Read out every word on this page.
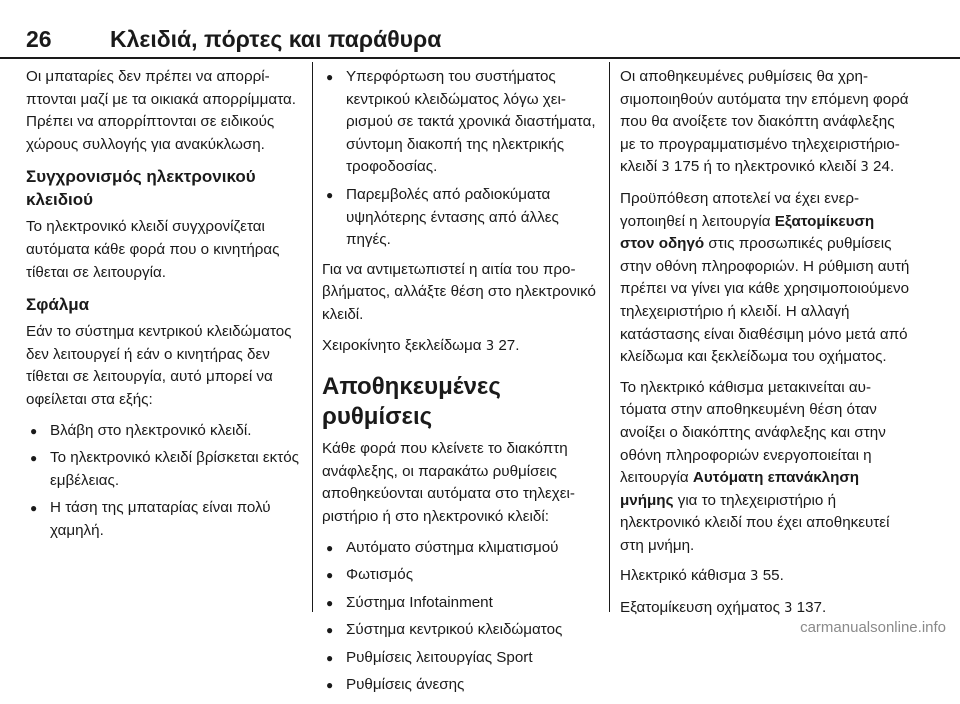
26	Κλειδιά, πόρτες και παράθυρα

Οι μπαταρίες δεν πρέπει να απορρίπτονται μαζί με τα οικιακά απορρίμματα. Πρέπει να απορρίπτονται σε ειδικούς χώρους συλλογής για ανακύκλωση.

Συγχρονισμός ηλεκτρονικού κλειδιού

Το ηλεκτρονικό κλειδί συγχρονίζεται αυτόματα κάθε φορά που ο κινητήρας τίθεται σε λειτουργία.

Σφάλμα

Εάν το σύστημα κεντρικού κλειδώματος δεν λειτουργεί ή εάν ο κινητήρας δεν τίθεται σε λειτουργία, αυτό μπορεί να οφείλεται στα εξής:

● Βλάβη στο ηλεκτρονικό κλειδί.
● Το ηλεκτρονικό κλειδί βρίσκεται εκτός εμβέλειας.
● Η τάση της μπαταρίας είναι πολύ χαμηλή.
● Υπερφόρτωση του συστήματος κεντρικού κλειδώματος λόγω χειρισμού σε τακτά χρονικά διαστήματα, σύντομη διακοπή της ηλεκτρικής τροφοδοσίας.
● Παρεμβολές από ραδιοκύματα υψηλότερης έντασης από άλλες πηγές.

Για να αντιμετωπιστεί η αιτία του προβλήματος, αλλάξτε θέση στο ηλεκτρονικό κλειδί.

Χειροκίνητο ξεκλείδωμα 3 27.

Αποθηκευμένες ρυθμίσεις

Κάθε φορά που κλείνετε το διακόπτη ανάφλεξης, οι παρακάτω ρυθμίσεις αποθηκεύονται αυτόματα στο τηλεχειριστήριο ή στο ηλεκτρονικό κλειδί:

● Αυτόματο σύστημα κλιματισμού
● Φωτισμός
● Σύστημα Infotainment
● Σύστημα κεντρικού κλειδώματος
● Ρυθμίσεις λειτουργίας Sport
● Ρυθμίσεις άνεσης

Οι αποθηκευμένες ρυθμίσεις θα χρησιμοποιηθούν αυτόματα την επόμενη φορά που θα ανοίξετε τον διακόπτη ανάφλεξης με το προγραμματισμένο τηλεχειριστήριο-κλειδί 3 175 ή το ηλεκτρονικό κλειδί 3 24.

Προϋπόθεση αποτελεί να έχει ενεργοποιηθεί η λειτουργία Εξατομίκευση στον οδηγό στις προσωπικές ρυθμίσεις στην οθόνη πληροφοριών. Η ρύθμιση αυτή πρέπει να γίνει για κάθε χρησιμοποιούμενο τηλεχειριστήριο ή κλειδί. Η αλλαγή κατάστασης είναι διαθέσιμη μόνο μετά από κλείδωμα και ξεκλείδωμα του οχήματος.

Το ηλεκτρικό κάθισμα μετακινείται αυτόματα στην αποθηκευμένη θέση όταν ανοίξει ο διακόπτης ανάφλεξης και στην οθόνη πληροφοριών ενεργοποιείται η λειτουργία Αυτόματη επανάκληση μνήμης για το τηλεχειριστήριο ή ηλεκτρονικό κλειδί που έχει αποθηκευτεί στη μνήμη.

Ηλεκτρικό κάθισμα 3 55.

Εξατομίκευση οχήματος 3 137.

carmanualsonline.info
